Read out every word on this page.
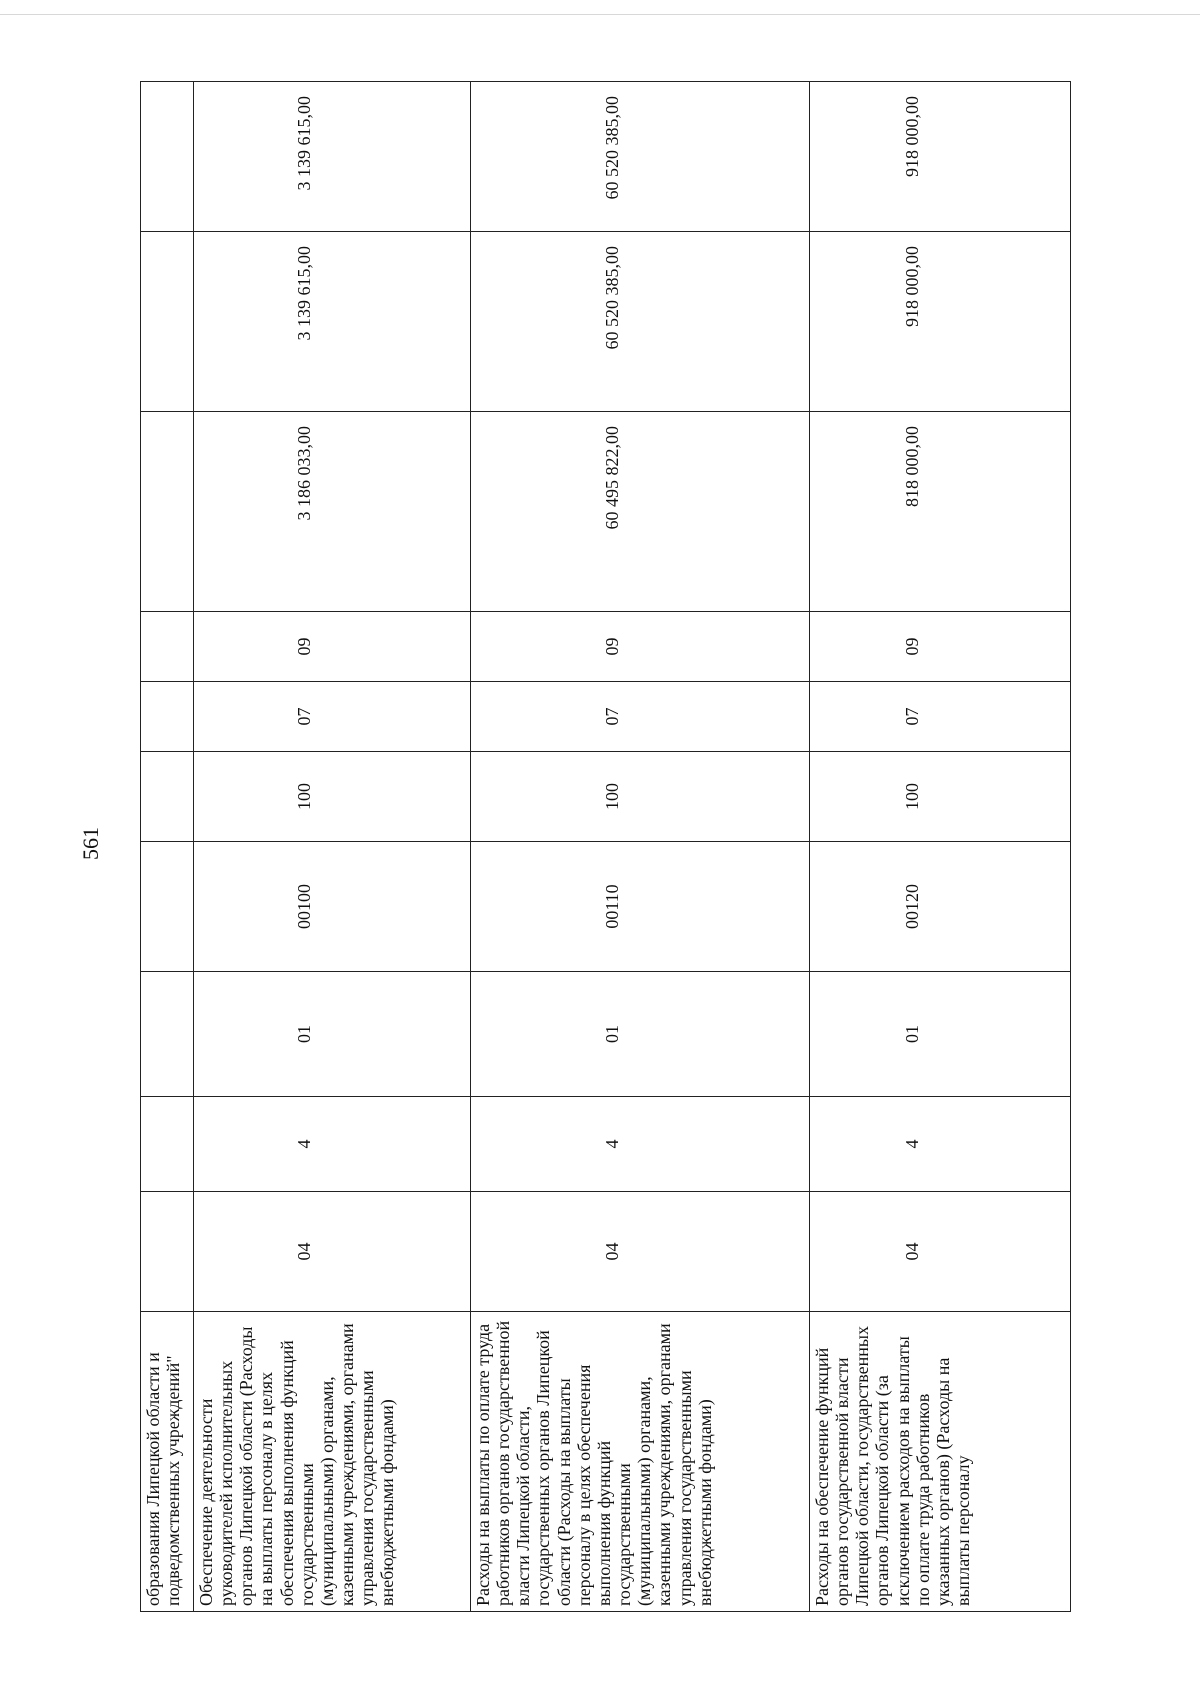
561
образования Липецкой области и подведомственных учреждений"										
Обеспечение деятельности руководителей исполнительных органов Липецкой области (Расходы на выплаты персоналу в целях обеспечения выполнения функций государственными (муниципальными) органами, казенными учреждениями, органами управления государственными внебюджетными фондами)	04	4	01	00100	100	07	09	3 186 033,00	3 139 615,00	3 139 615,00
Расходы на выплаты по оплате труда работников органов государственной власти Липецкой области, государственных органов Липецкой области (Расходы на выплаты персоналу в целях обеспечения выполнения функций государственными (муниципальными) органами, казенными учреждениями, органами управления государственными внебюджетными фондами)	04	4	01	00110	100	07	09	60 495 822,00	60 520 385,00	60 520 385,00
Расходы на обеспечение функций органов государственной власти Липецкой области, государственных органов Липецкой области (за исключением расходов на выплаты по оплате труда работников указанных органов) (Расходы на выплаты персоналу	04	4	01	00120	100	07	09	818 000,00	918 000,00	918 000,00
